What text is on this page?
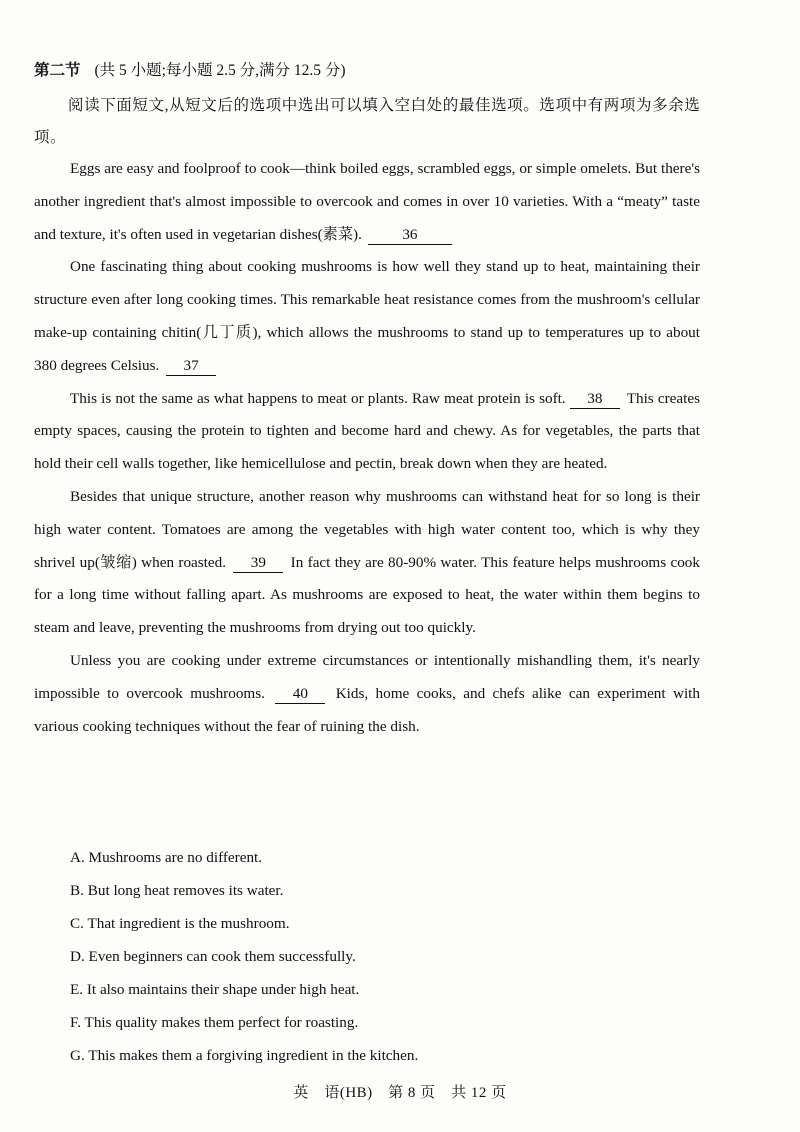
第二节 (共 5 小题;每小题 2.5 分,满分 12.5 分)
阅读下面短文,从短文后的选项中选出可以填入空白处的最佳选项。选项中有两项为多余选项。

Eggs are easy and foolproof to cook—think boiled eggs, scrambled eggs, or simple omelets. But there's another ingredient that's almost impossible to overcook and comes in over 10 varieties. With a “meaty” taste and texture, it's often used in vegetarian dishes(素菜).	36

One fascinating thing about cooking mushrooms is how well they stand up to heat, maintaining their structure even after long cooking times. This remarkable heat resistance comes from the mushroom's cellular make-up containing chitin(几丁质), which allows the mushrooms to stand up to temperatures up to about 380 degrees Celsius. 37

This is not the same as what happens to meat or plants. Raw meat protein is soft. 38 This creates empty spaces, causing the protein to tighten and become hard and chewy. As for vegetables, the parts that hold their cell walls together, like hemicellulose and pectin, break down when they are heated.

Besides that unique structure, another reason why mushrooms can withstand heat for so long is their high water content. Tomatoes are among the vegetables with high water content too, which is why they shrivel up(皱缩) when roasted. 39 In fact they are 80-90% water. This feature helps mushrooms cook for a long time without falling apart. As mushrooms are exposed to heat, the water within them begins to steam and leave, preventing the mushrooms from drying out too quickly.

Unless you are cooking under extreme circumstances or intentionally mishandling them, it's nearly impossible to overcook mushrooms. 40 Kids, home cooks, and chefs alike can experiment with various cooking techniques without the fear of ruining the dish.

A. Mushrooms are no different.
B. But long heat removes its water.
C. That ingredient is the mushroom.
D. Even beginners can cook them successfully.
E. It also maintains their shape under high heat.
F. This quality makes them perfect for roasting.
G. This makes them a forgiving ingredient in the kitchen.
英　语(HB)　第 8 页　共 12 页
